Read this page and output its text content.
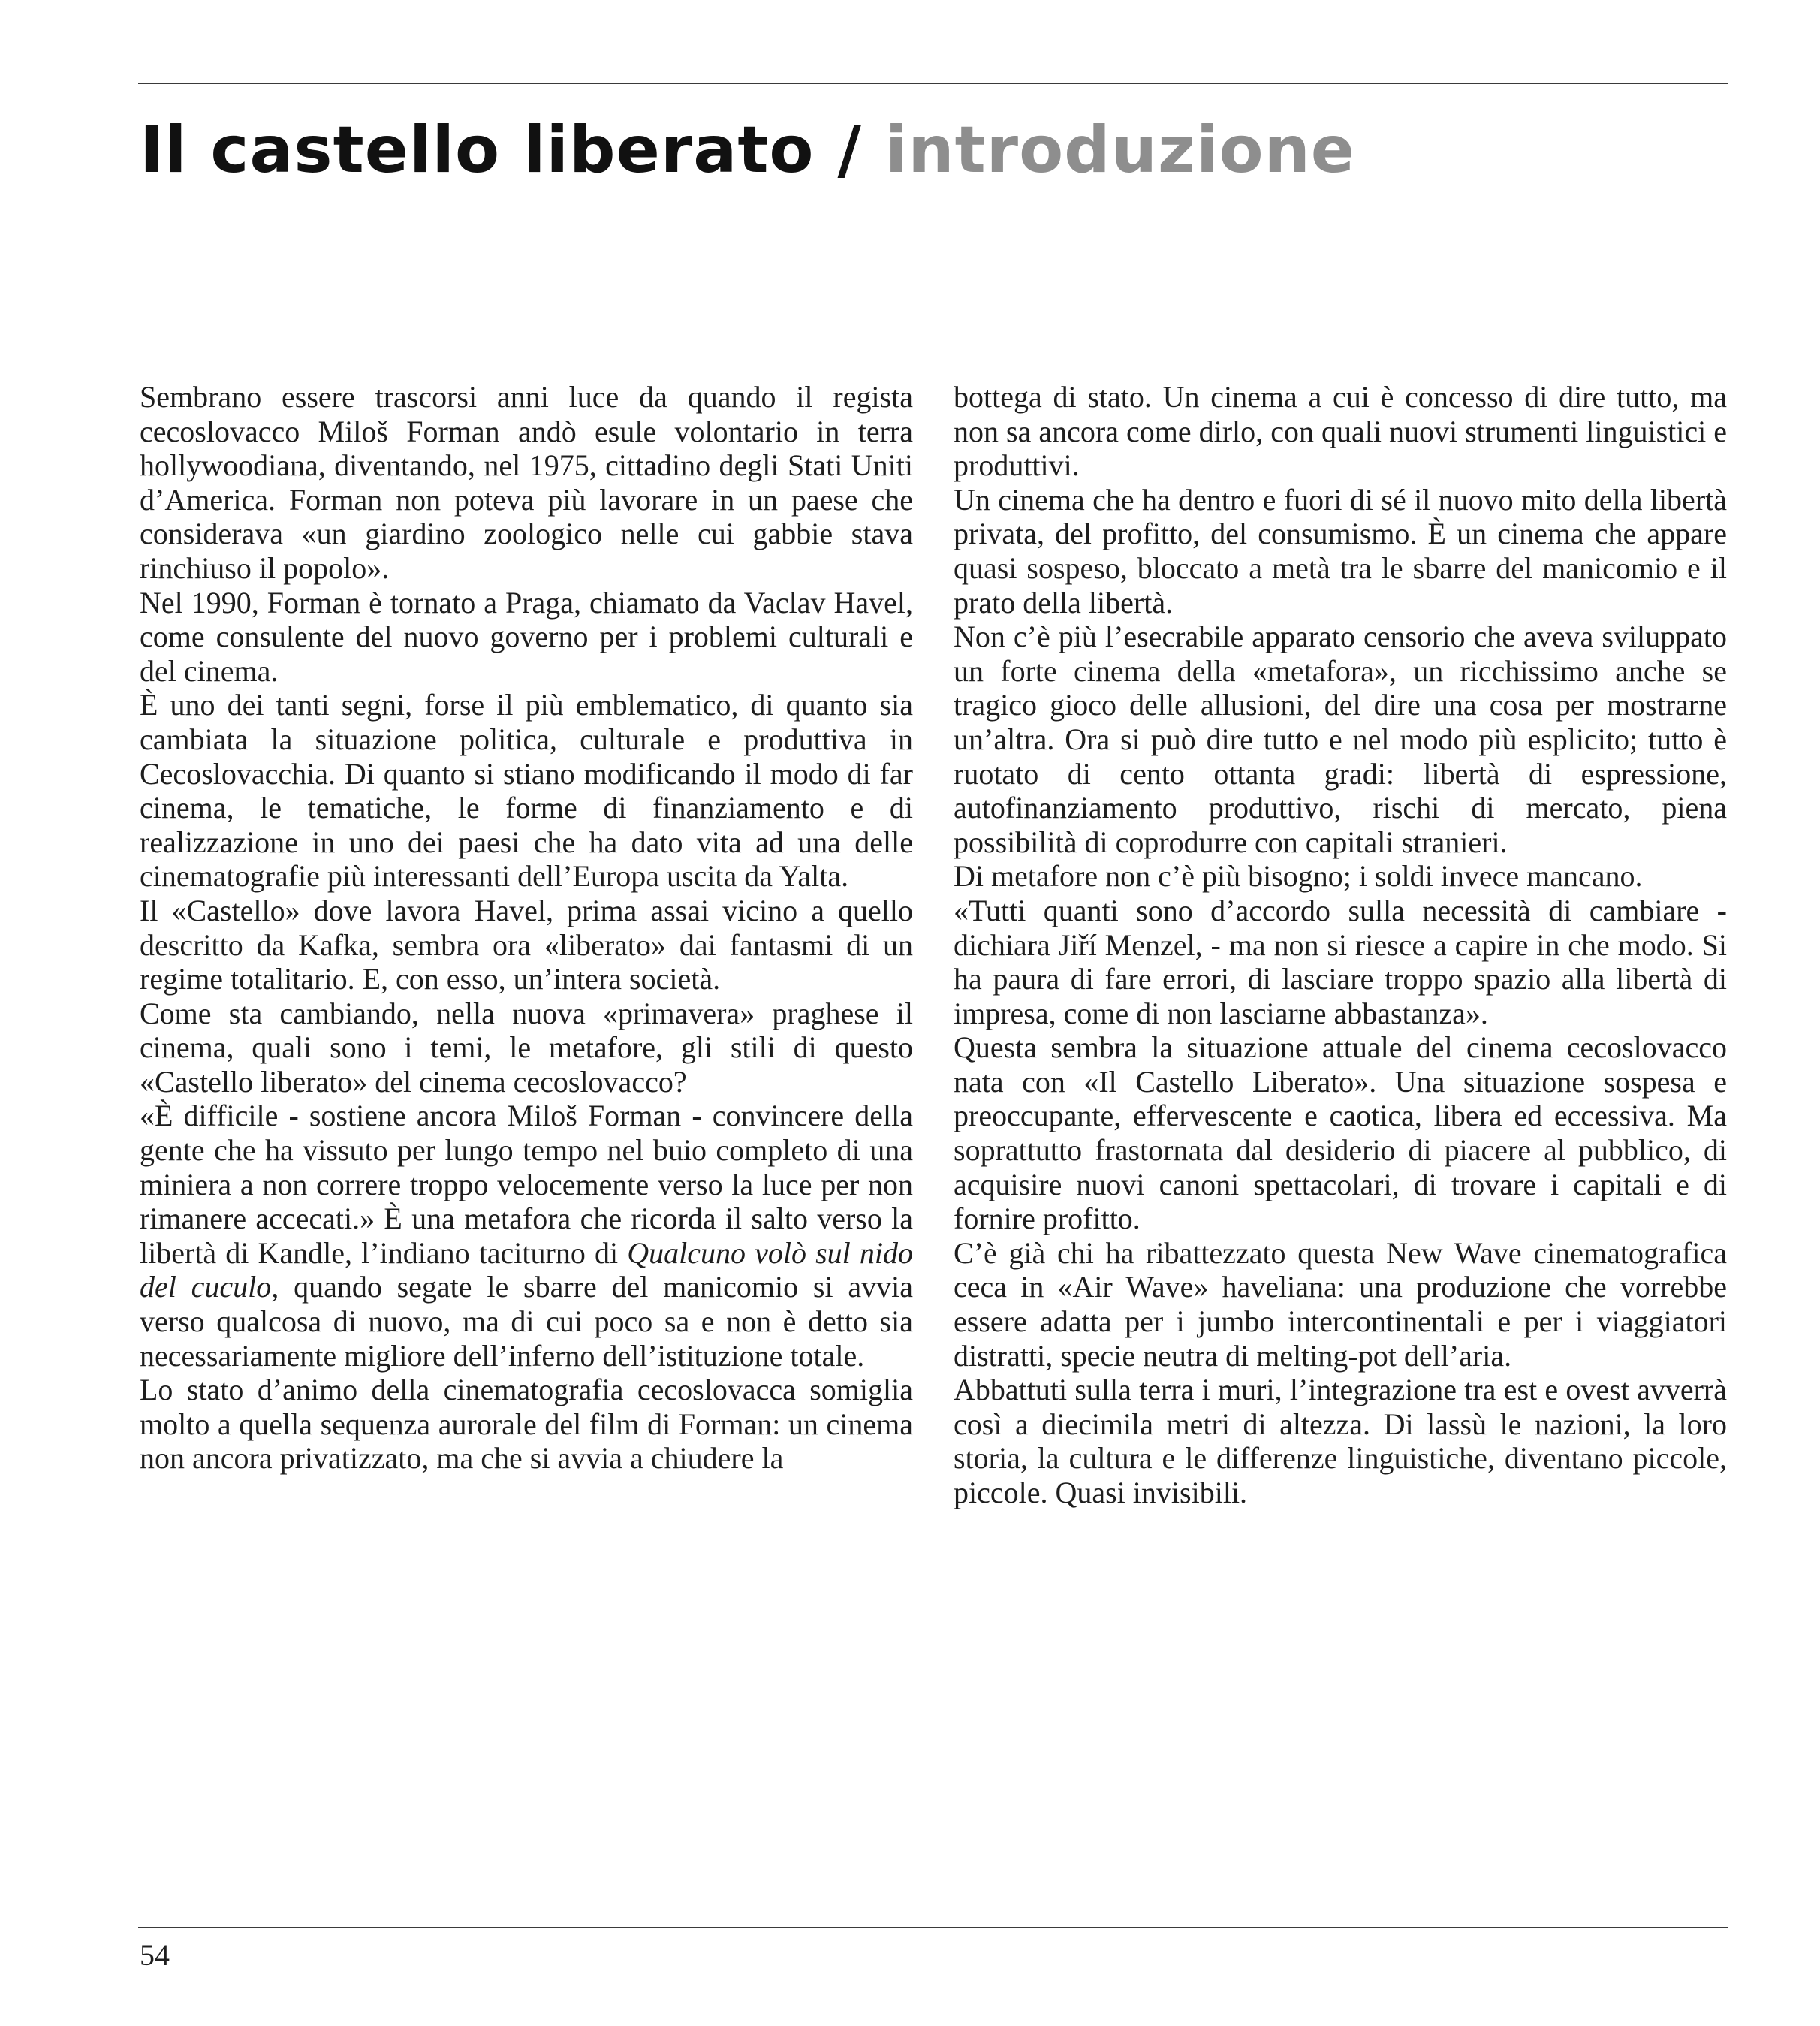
Il castello liberato / introduzione

Sembrano essere trascorsi anni luce da quando il regista cecoslovacco Miloš Forman andò esule volontario in terra hollywoodiana, diventando, nel 1975, cittadino degli Stati Uniti d’America. Forman non poteva più lavorare in un paese che considerava «un giardino zoologico nelle cui gabbie stava rinchiuso il popolo».

Nel 1990, Forman è tornato a Praga, chiamato da Vaclav Havel, come consulente del nuovo governo per i problemi culturali e del cinema.

È uno dei tanti segni, forse il più emblematico, di quanto sia cambiata la situazione politica, culturale e produttiva in Cecoslovacchia. Di quanto si stiano modificando il modo di far cinema, le tematiche, le forme di finanziamento e di realizzazione in uno dei paesi che ha dato vita ad una delle cinematografie più interessanti dell’Europa uscita da Yalta.

Il «Castello» dove lavora Havel, prima assai vicino a quello descritto da Kafka, sembra ora «liberato» dai fantasmi di un regime totalitario. E, con esso, un’intera società.

Come sta cambiando, nella nuova «primavera» praghese il cinema, quali sono i temi, le metafore, gli stili di questo «Castello liberato» del cinema cecoslovacco?

«È difficile - sostiene ancora Miloš Forman - convincere della gente che ha vissuto per lungo tempo nel buio completo di una miniera a non correre troppo velocemente verso la luce per non rimanere accecati.» È una metafora che ricorda il salto verso la libertà di Kandle, l’indiano taciturno di Qualcuno volò sul nido del cuculo, quando segate le sbarre del manicomio si avvia verso qualcosa di nuovo, ma di cui poco sa e non è detto sia necessariamente migliore dell’inferno dell’istituzione totale.

Lo stato d’animo della cinematografia cecoslovacca somiglia molto a quella sequenza aurorale del film di Forman: un cinema non ancora privatizzato, ma che si avvia a chiudere la

bottega di stato. Un cinema a cui è concesso di dire tutto, ma non sa ancora come dirlo, con quali nuovi strumenti linguistici e produttivi.

Un cinema che ha dentro e fuori di sé il nuovo mito della libertà privata, del profitto, del consumismo. È un cinema che appare quasi sospeso, bloccato a metà tra le sbarre del manicomio e il prato della libertà.

Non c’è più l’esecrabile apparato censorio che aveva sviluppato un forte cinema della «metafora», un ricchissimo anche se tragico gioco delle allusioni, del dire una cosa per mostrarne un’altra. Ora si può dire tutto e nel modo più esplicito; tutto è ruotato di cento ottanta gradi: libertà di espressione, autofinanziamento produttivo, rischi di mercato, piena possibilità di coprodurre con capitali stranieri.

Di metafore non c’è più bisogno; i soldi invece mancano.

«Tutti quanti sono d’accordo sulla necessità di cambiare - dichiara Jiří Menzel, - ma non si riesce a capire in che modo. Si ha paura di fare errori, di lasciare troppo spazio alla libertà di impresa, come di non lasciarne abbastanza».

Questa sembra la situazione attuale del cinema cecoslovacco nata con «Il Castello Liberato». Una situazione sospesa e preoccupante, effervescente e caotica, libera ed eccessiva. Ma soprattutto frastornata dal desiderio di piacere al pubblico, di acquisire nuovi canoni spettacolari, di trovare i capitali e di fornire profitto.

C’è già chi ha ribattezzato questa New Wave cinematografica ceca in «Air Wave» haveliana: una produzione che vorrebbe essere adatta per i jumbo intercontinentali e per i viaggiatori distratti, specie neutra di melting-pot dell’aria.

Abbattuti sulla terra i muri, l’integrazione tra est e ovest avverrà così a diecimila metri di altezza. Di lassù le nazioni, la loro storia, la cultura e le differenze linguistiche, diventano piccole, piccole. Quasi invisibili.

54
